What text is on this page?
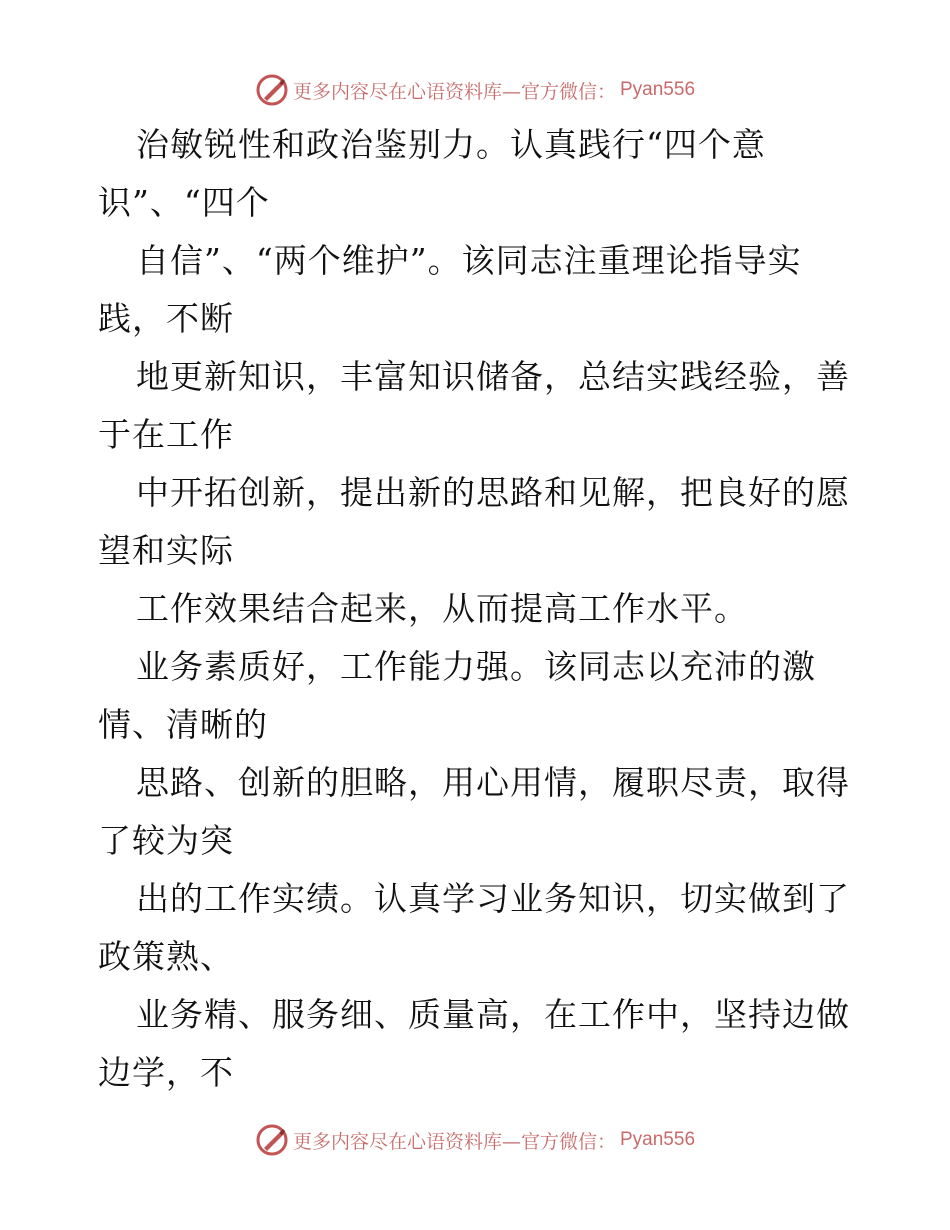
更多内容尽在心语资料库—官方微信： Pyan556
治敏锐性和政治鉴别力。认真践行“四个意
识”、“四个
自信”、“两个维护”。该同志注重理论指导实
践，不断
地更新知识，丰富知识储备，总结实践经验，善
于在工作
中开拓创新，提出新的思路和见解，把良好的愿
望和实际
工作效果结合起来，从而提高工作水平。
业务素质好，工作能力强。该同志以充沛的激
情、清晰的
思路、创新的胆略，用心用情，履职尽责，取得
了较为突
出的工作实绩。认真学习业务知识，切实做到了
政策熟、
业务精、服务细、质量高，在工作中，坚持边做
边学，不
更多内容尽在心语资料库—官方微信： Pyan556
